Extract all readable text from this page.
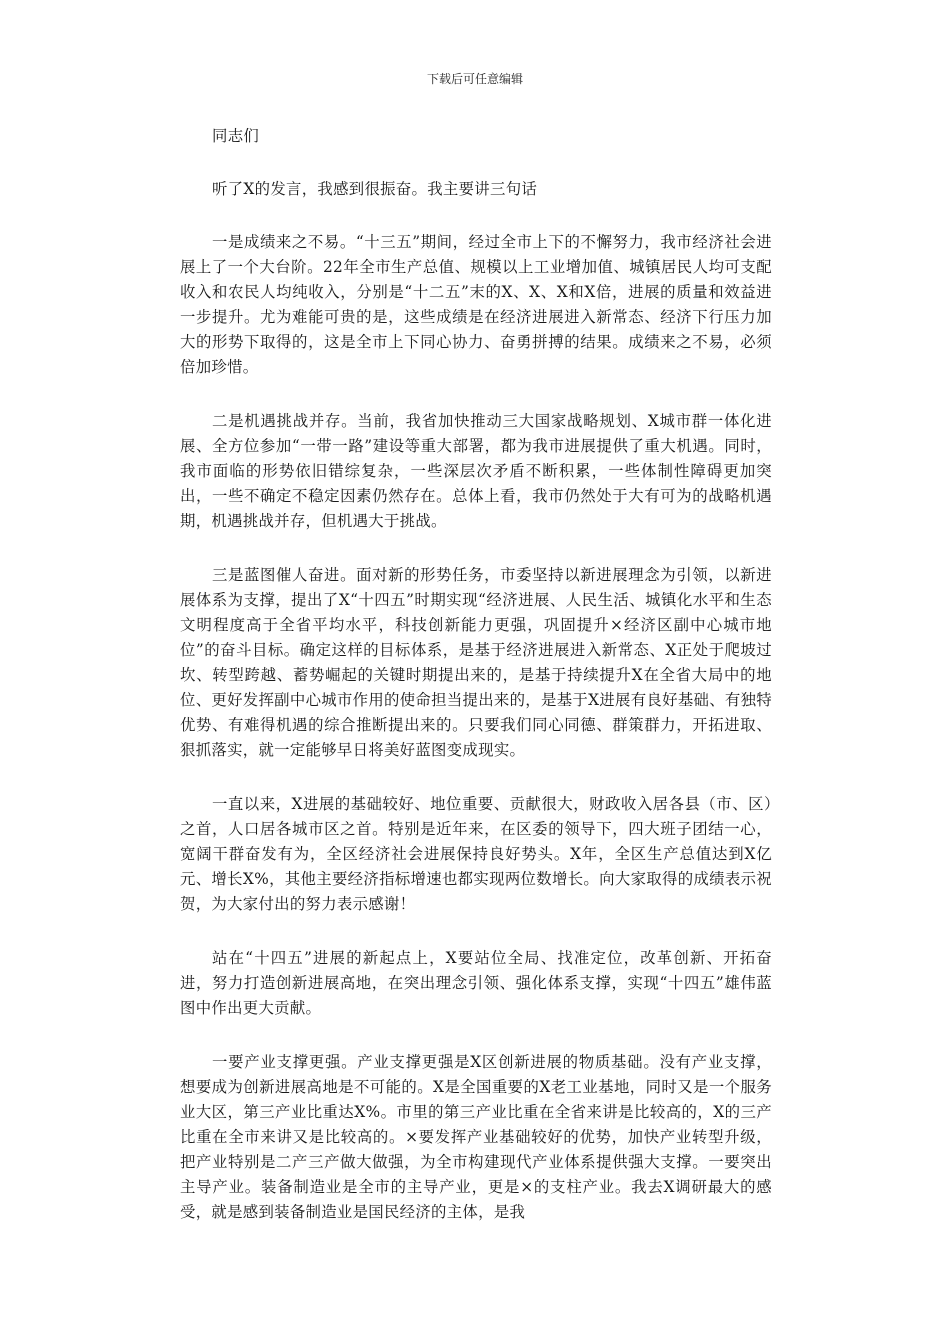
下载后可任意编辑

同志们

听了X的发言，我感到很振奋。我主要讲三句话

一是成绩来之不易。“十三五”期间，经过全市上下的不懈努力，我市经济社会进展上了一个大台阶。22年全市生产总值、规模以上工业增加值、城镇居民人均可支配收入和农民人均纯收入，分别是“十二五”末的X、X、X和X倍，进展的质量和效益进一步提升。尤为难能可贵的是，这些成绩是在经济进展进入新常态、经济下行压力加大的形势下取得的，这是全市上下同心协力、奋勇拼搏的结果。成绩来之不易，必须倍加珍惜。

二是机遇挑战并存。当前，我省加快推动三大国家战略规划、X城市群一体化进展、全方位参加“一带一路”建设等重大部署，都为我市进展提供了重大机遇。同时，我市面临的形势依旧错综复杂，一些深层次矛盾不断积累，一些体制性障碍更加突出，一些不确定不稳定因素仍然存在。总体上看，我市仍然处于大有可为的战略机遇期，机遇挑战并存，但机遇大于挑战。

三是蓝图催人奋进。面对新的形势任务，市委坚持以新进展理念为引领，以新进展体系为支撑，提出了X“十四五”时期实现“经济进展、人民生活、城镇化水平和生态文明程度高于全省平均水平，科技创新能力更强，巩固提升×经济区副中心城市地位”的奋斗目标。确定这样的目标体系，是基于经济进展进入新常态、X正处于爬坡过坎、转型跨越、蓄势崛起的关键时期提出来的，是基于持续提升X在全省大局中的地位、更好发挥副中心城市作用的使命担当提出来的，是基于X进展有良好基础、有独特优势、有难得机遇的综合推断提出来的。只要我们同心同德、群策群力，开拓进取、狠抓落实，就一定能够早日将美好蓝图变成现实。

一直以来，X进展的基础较好、地位重要、贡献很大，财政收入居各县（市、区）之首，人口居各城市区之首。特别是近年来，在区委的领导下，四大班子团结一心，宽阔干群奋发有为，全区经济社会进展保持良好势头。X年，全区生产总值达到X亿元、增长X%，其他主要经济指标增速也都实现两位数增长。向大家取得的成绩表示祝贺，为大家付出的努力表示感谢！

站在“十四五”进展的新起点上，X要站位全局、找准定位，改革创新、开拓奋进，努力打造创新进展高地，在突出理念引领、强化体系支撑，实现“十四五”雄伟蓝图中作出更大贡献。

一要产业支撑更强。产业支撑更强是X区创新进展的物质基础。没有产业支撑，想要成为创新进展高地是不可能的。X是全国重要的X老工业基地，同时又是一个服务业大区，第三产业比重达X%。市里的第三产业比重在全省来讲是比较高的，X的三产比重在全市来讲又是比较高的。×要发挥产业基础较好的优势，加快产业转型升级，把产业特别是二产三产做大做强，为全市构建现代产业体系提供强大支撑。一要突出主导产业。装备制造业是全市的主导产业，更是×的支柱产业。我去X调研最大的感受，就是感到装备制造业是国民经济的主体，是我
